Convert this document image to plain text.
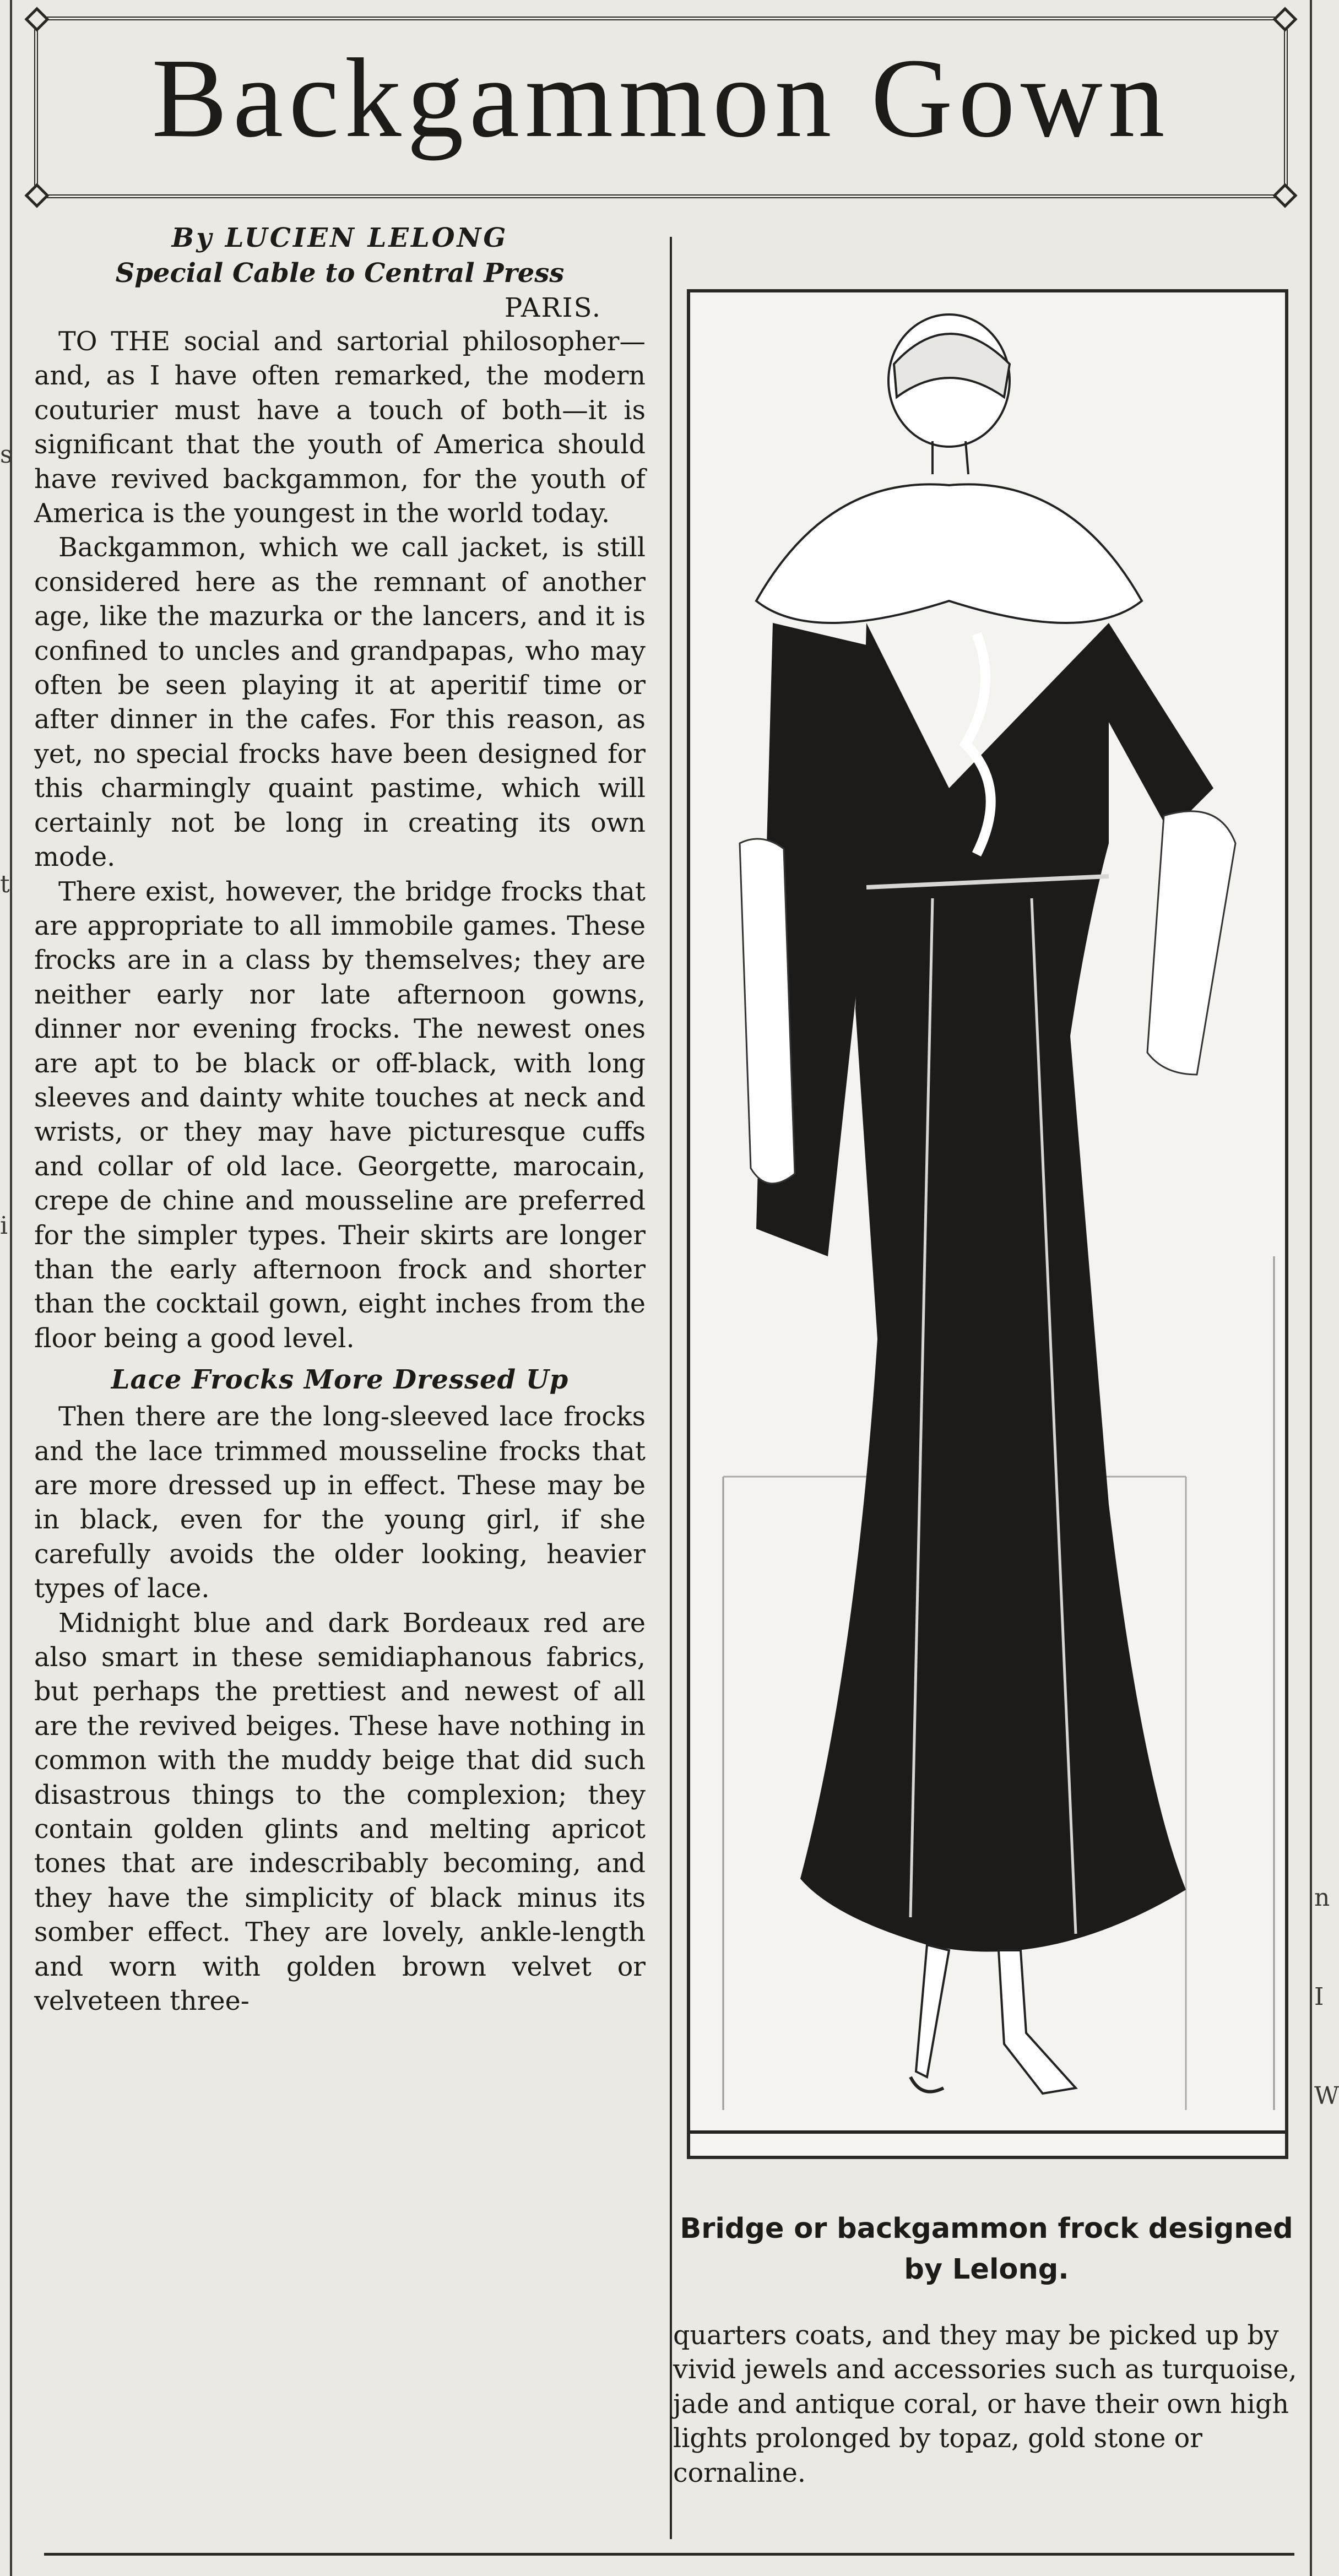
Backgammon Gown
By LUCIEN LELONG
Special Cable to Central Press
PARIS.

TO THE social and sartorial philosopher—and, as I have often remarked, the modern couturier must have a touch of both—it is significant that the youth of America should have revived backgammon, for the youth of America is the youngest in the world today.

Backgammon, which we call jacket, is still considered here as the remnant of another age, like the mazurka or the lancers, and it is confined to uncles and grandpapas, who may often be seen playing it at aperitif time or after dinner in the cafes. For this reason, as yet, no special frocks have been designed for this charmingly quaint pastime, which will certainly not be long in creating its own mode.

There exist, however, the bridge frocks that are appropriate to all immobile games. These frocks are in a class by themselves; they are neither early nor late afternoon gowns, dinner nor evening frocks. The newest ones are apt to be black or off-black, with long sleeves and dainty white touches at neck and wrists, or they may have picturesque cuffs and collar of old lace. Georgette, marocain, crepe de chine and mousseline are preferred for the simpler types. Their skirts are longer than the early afternoon frock and shorter than the cocktail gown, eight inches from the floor being a good level.

Lace Frocks More Dressed Up

Then there are the long-sleeved lace frocks and the lace trimmed mousseline frocks that are more dressed up in effect. These may be in black, even for the young girl, if she carefully avoids the older looking, heavier types of lace.

Midnight blue and dark Bordeaux red are also smart in these semidiaphanous fabrics, but perhaps the prettiest and newest of all are the revived beiges. These have nothing in common with the muddy beige that did such disastrous things to the complexion; they contain golden glints and melting apricot tones that are indescribably becoming, and they have the simplicity of black minus its somber effect. They are lovely, ankle-length and worn with golden brown velvet or velveteen three-

Bridge or backgammon frock designed by Lelong.

quarters coats, and they may be picked up by vivid jewels and accessories such as turquoise, jade and antique coral, or have their own high lights prolonged by topaz, gold stone or cornaline.

s
t
i
n
I
W
